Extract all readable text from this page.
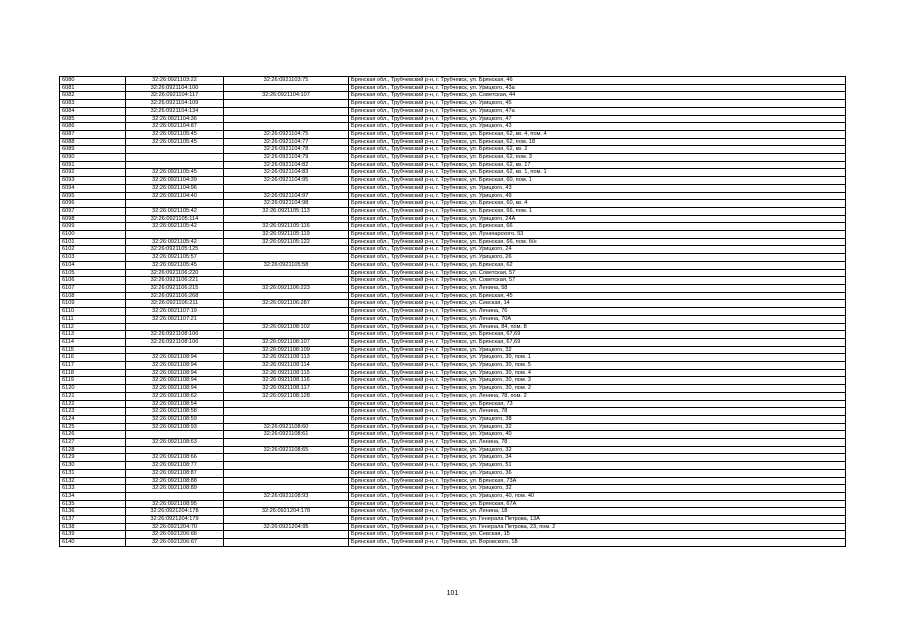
6080	32:26:0921103:22	32:26:0921103:75	Брянская обл., Трубчевский р-н, г. Трубчевск, ул. Брянская, 46
6081	32:26:0921104:100		Брянская обл., Трубчевский р-н, г. Трубчевск, ул. Урицкого, 43а
6082	32:26:0921104:117	32:26:0921104:107	Брянская обл., Трубчевский р-н, г. Трубчевск, ул. Советская, 44
6083	32:26:0921104:109		Брянская обл., Трубчевский р-н, г. Трубчевск, ул. Урицкого, 45
6084	32:26:0921104:134		Брянская обл., Трубчевский р-н, г. Трубчевск, ул. Урицкого, 47а
6085	32:26:0921104:36		Брянская обл., Трубчевский р-н, г. Трубчевск, ул. Урицкого, 47
6086	32:26:0921104:87		Брянская обл., Трубчевский р-н, г. Трубчевск, ул. Урицкого, 43
6087	32:26:0921105:45	32:26:0921104:75	Брянская обл., Трубчевский р-н, г. Трубчевск, ул. Брянская, 62, кв. 4, пом. 4
6088	32:26:0921105:45	32:26:0921104:77	Брянская обл., Трубчевский р-н, г. Трубчевск, ул. Брянская, 62, пом. 18
6089		32:26:0921104:78	Брянская обл., Трубчевский р-н, г. Трубчевск, ул. Брянская, 62, кв. 2
6090		32:26:0921104:79	Брянская обл., Трубчевский р-н, г. Трубчевск, ул. Брянская, 62, пом. 3
6091		32:26:0921104:82	Брянская обл., Трубчевский р-н, г. Трубчевск, ул. Брянская, 62, кв. 17
6092	32:26:0921105:45	32:26:0921104:83	Брянская обл., Трубчевский р-н, г. Трубчевск, ул. Брянская, 62, кв. 1, пом. 1
6093	32:26:0921104:39	32:26:0921104:95	Брянская обл., Трубчевский р-н, г. Трубчевск, ул. Брянская, 60, пом. 1
6094	32:26:0921104:96		Брянская обл., Трубчевский р-н, г. Трубчевск, ул. Урицкого, 43
6095	32:26:0921104:40	32:26:0921104:97	Брянская обл., Трубчевский р-н, г. Трубчевск, ул. Урицкого, 49
6096		32:26:0921104:98	Брянская обл., Трубчевский р-н, г. Трубчевск, ул. Брянская, 60, кв. 4
6097	32:26:0921105:42	32:26:0921105:113	Брянская обл., Трубчевский р-н, г. Трубчевск, ул. Брянская, 66, пом. 1
6098	32:26:0921105:114		Брянская обл., Трубчевский р-н, г. Трубчевск, ул. Урицкого, 24А
6099	32:26:0921105:42	32:26:0921105:116	Брянская обл., Трубчевский р-н, г. Трубчевск, ул. Брянская, 66
6100		32:26:0921105:119	Брянская обл., Трубчевский р-н, г. Трубчевск, ул. Луначарского, 53
6101	32:26:0921105:42	32:26:0921105:122	Брянская обл., Трубчевский р-н, г. Трубчевск, ул. Брянская, 66, пом. б/н
6102	32:26:0921105:125		Брянская обл., Трубчевский р-н, г. Трубчевск, ул. Урицкого, 24
6103	32:26:0921105:57		Брянская обл., Трубчевский р-н, г. Трубчевск, ул. Урицкого, 26
6104	32:26:0921105:45	32:26:0921105:58	Брянская обл., Трубчевский р-н, г. Трубчевск, ул. Брянская, 62
6105	32:26:0921106:220		Брянская обл., Трубчевский р-н, г. Трубчевск, ул. Советская, 57
6106	32:26:0921106:221		Брянская обл., Трубчевский р-н, г. Трубчевск, ул. Советская, 57
6107	32:26:0921106:215	32:26:0921106:223	Брянская обл., Трубчевский р-н, г. Трубчевск, ул. Ленина, 58
6108	32:26:0921106:268		Брянская обл., Трубчевский р-н, г. Трубчевск, ул. Брянская, 45
6109	32:26:0921106:211	32:26:0921106:287	Брянская обл., Трубчевский р-н, г. Трубчевск, ул. Севская, 14
6110	32:26:0921107:19		Брянская обл., Трубчевский р-н, г. Трубчевск, ул. Ленина, 76
6111	32:26:0921107:21		Брянская обл., Трубчевский р-н, г. Трубчевск, ул. Ленина, 70А
6112		32:26:0921108:102	Брянская обл., Трубчевский р-н, г. Трубчевск, ул. Ленина, 84, пом. 8
6113	32:26:0921108:106		Брянская обл., Трубчевский р-н, г. Трубчевск, ул. Брянская, 67,69
6114	32:26:0921108:106	32:26:0921108:107	Брянская обл., Трубчевский р-н, г. Трубчевск, ул. Брянская, 67,69
6115		32:26:0921108:109	Брянская обл., Трубчевский р-н, г. Трубчевск, ул. Урицкого, 32
6116	32:26:0921108:94	32:26:0921108:113	Брянская обл., Трубчевский р-н, г. Трубчевск, ул. Урицкого, 30, пом. 1
6117	32:26:0921108:94	32:26:0921108:114	Брянская обл., Трубчевский р-н, г. Трубчевск, ул. Урицкого, 30, пом. 5
6118	32:26:0921108:94	32:26:0921108:115	Брянская обл., Трубчевский р-н, г. Трубчевск, ул. Урицкого, 30, пом. 4
6119	32:26:0921108:94	32:26:0921108:116	Брянская обл., Трубчевский р-н, г. Трубчевск, ул. Урицкого, 30, пом. 3
6120	32:26:0921108:94	32:26:0921108:117	Брянская обл., Трубчевский р-н, г. Трубчевск, ул. Урицкого, 30, пом. 2
6121	32:26:0921108:62	32:26:0921108:128	Брянская обл., Трубчевский р-н, г. Трубчевск, ул. Ленина, 78, пом. 2
6122	32:26:0921108:54		Брянская обл., Трубчевский р-н, г. Трубчевск, ул. Брянская, 73
6123	32:26:0921108:58		Брянская обл., Трубчевский р-н, г. Трубчевск, ул. Ленина, 78
6124	32:26:0921108:59		Брянская обл., Трубчевский р-н, г. Трубчевск, ул. Урицкого, 38
6125	32:26:0921108:93	32:26:0921108:60	Брянская обл., Трубчевский р-н, г. Трубчевск, ул. Урицкого, 32
6126		32:26:0921108:61	Брянская обл., Трубчевский р-н, г. Трубчевск, ул. Урицкого, 40
6127	32:26:0921108:63		Брянская обл., Трубчевский р-н, г. Трубчевск, ул. Ленина, 78
6128		32:26:0921108:65	Брянская обл., Трубчевский р-н, г. Трубчевск, ул. Урицкого, 32
6129	32:26:0921108:66		Брянская обл., Трубчевский р-н, г. Трубчевск, ул. Урицкого, 34
6130	32:26:0921108:77		Брянская обл., Трубчевский р-н, г. Трубчевск, ул. Урицкого, 51
6131	32:26:0921108:87		Брянская обл., Трубчевский р-н, г. Трубчевск, ул. Урицкого, 36
6132	32:26:0921108:88		Брянская обл., Трубчевский р-н, г. Трубчевск, ул. Брянская, 73А
6133	32:26:0921108:89		Брянская обл., Трубчевский р-н, г. Трубчевск, ул. Урицкого, 32
6134		32:26:0921108:93	Брянская обл., Трубчевский р-н, г. Трубчевск, ул. Урицкого, 40, пом. 40
6135	32:26:0921108:95		Брянская обл., Трубчевский р-н, г. Трубчевск, ул. Брянская, 67А
6136	32:26:0921204:178	32:26:0921204:178	Брянская обл., Трубчевский р-н, г. Трубчевск, ул. Ленина, 18
6137	32:26:0921204:179		Брянская обл., Трубчевский р-н, г. Трубчевск, ул. Генерала Петрова, 13А
6138	32:26:0921204:70	32:26:0921204:95	Брянская обл., Трубчевский р-н, г. Трубчевск, ул. Генерала Петрова, 23, пом. 2
6139	32:26:0921206:66		Брянская обл., Трубчевский р-н, г. Трубчевск, ул. Севская, 15
6140	32:26:0921206:67		Брянская обл., Трубчевский р-н, г. Трубчевск, ул. Воровского, 18
101
